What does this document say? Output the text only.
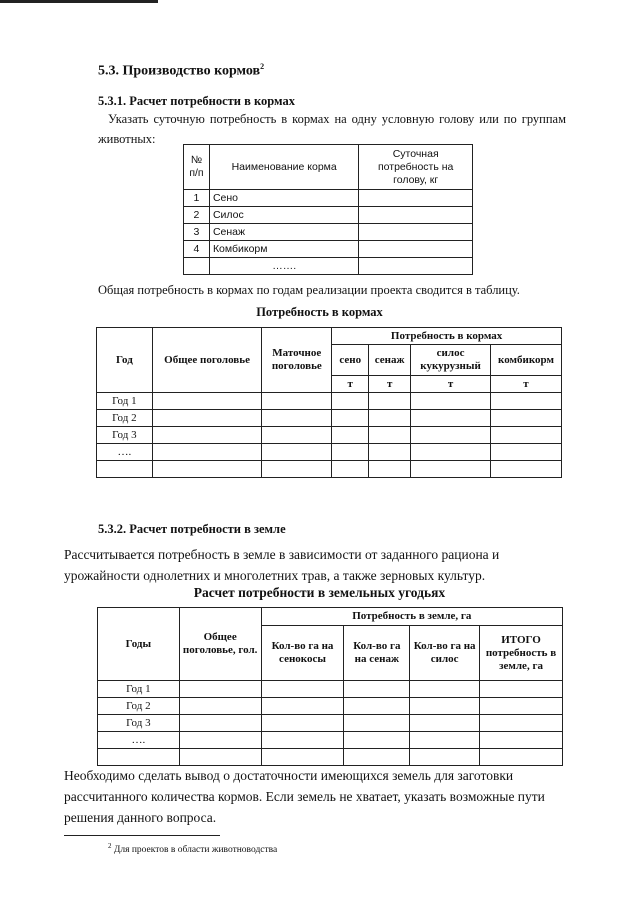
5.3. Производство кормов$^2$
5.3.1. Расчет потребности в кормах
Указать суточную потребность в кормах на одну условную голову или по группам животных:
№ п/п	Наименование корма	Суточная потребность на голову, кг
1	Сено	
2	Силос	
3	Сенаж	
4	Комбикорм	
	…….	
Общая потребность в кормах по годам реализации проекта сводится в таблицу.
Потребность в кормах
Год	Общее поголовье	Маточное поголовье	Потребность в кормах			
			сено	сенаж	силос кукурузный	комбикорм
			т	т	т	т
Год 1						
Год 2						
Год 3						
….						

5.3.2. Расчет потребности в земле
Рассчитывается потребность в земле в зависимости от заданного рациона и урожайности однолетних и многолетних трав, а также зерновых культур.
Расчет потребности в земельных угодьях
Годы	Общее поголовье, гол.	Потребность в земле, га			
		Кол-во га на сенокосы	Кол-во га на сенаж	Кол-во га на силос	ИТОГО потребность в земле, га
Год 1					
Год 2					
Год 3					
….					

Необходимо сделать вывод о достаточности имеющихся земель для заготовки рассчитанного количества кормов. Если земель не хватает, указать возможные пути решения данного вопроса.
$^2$ Для проектов в области животноводства
